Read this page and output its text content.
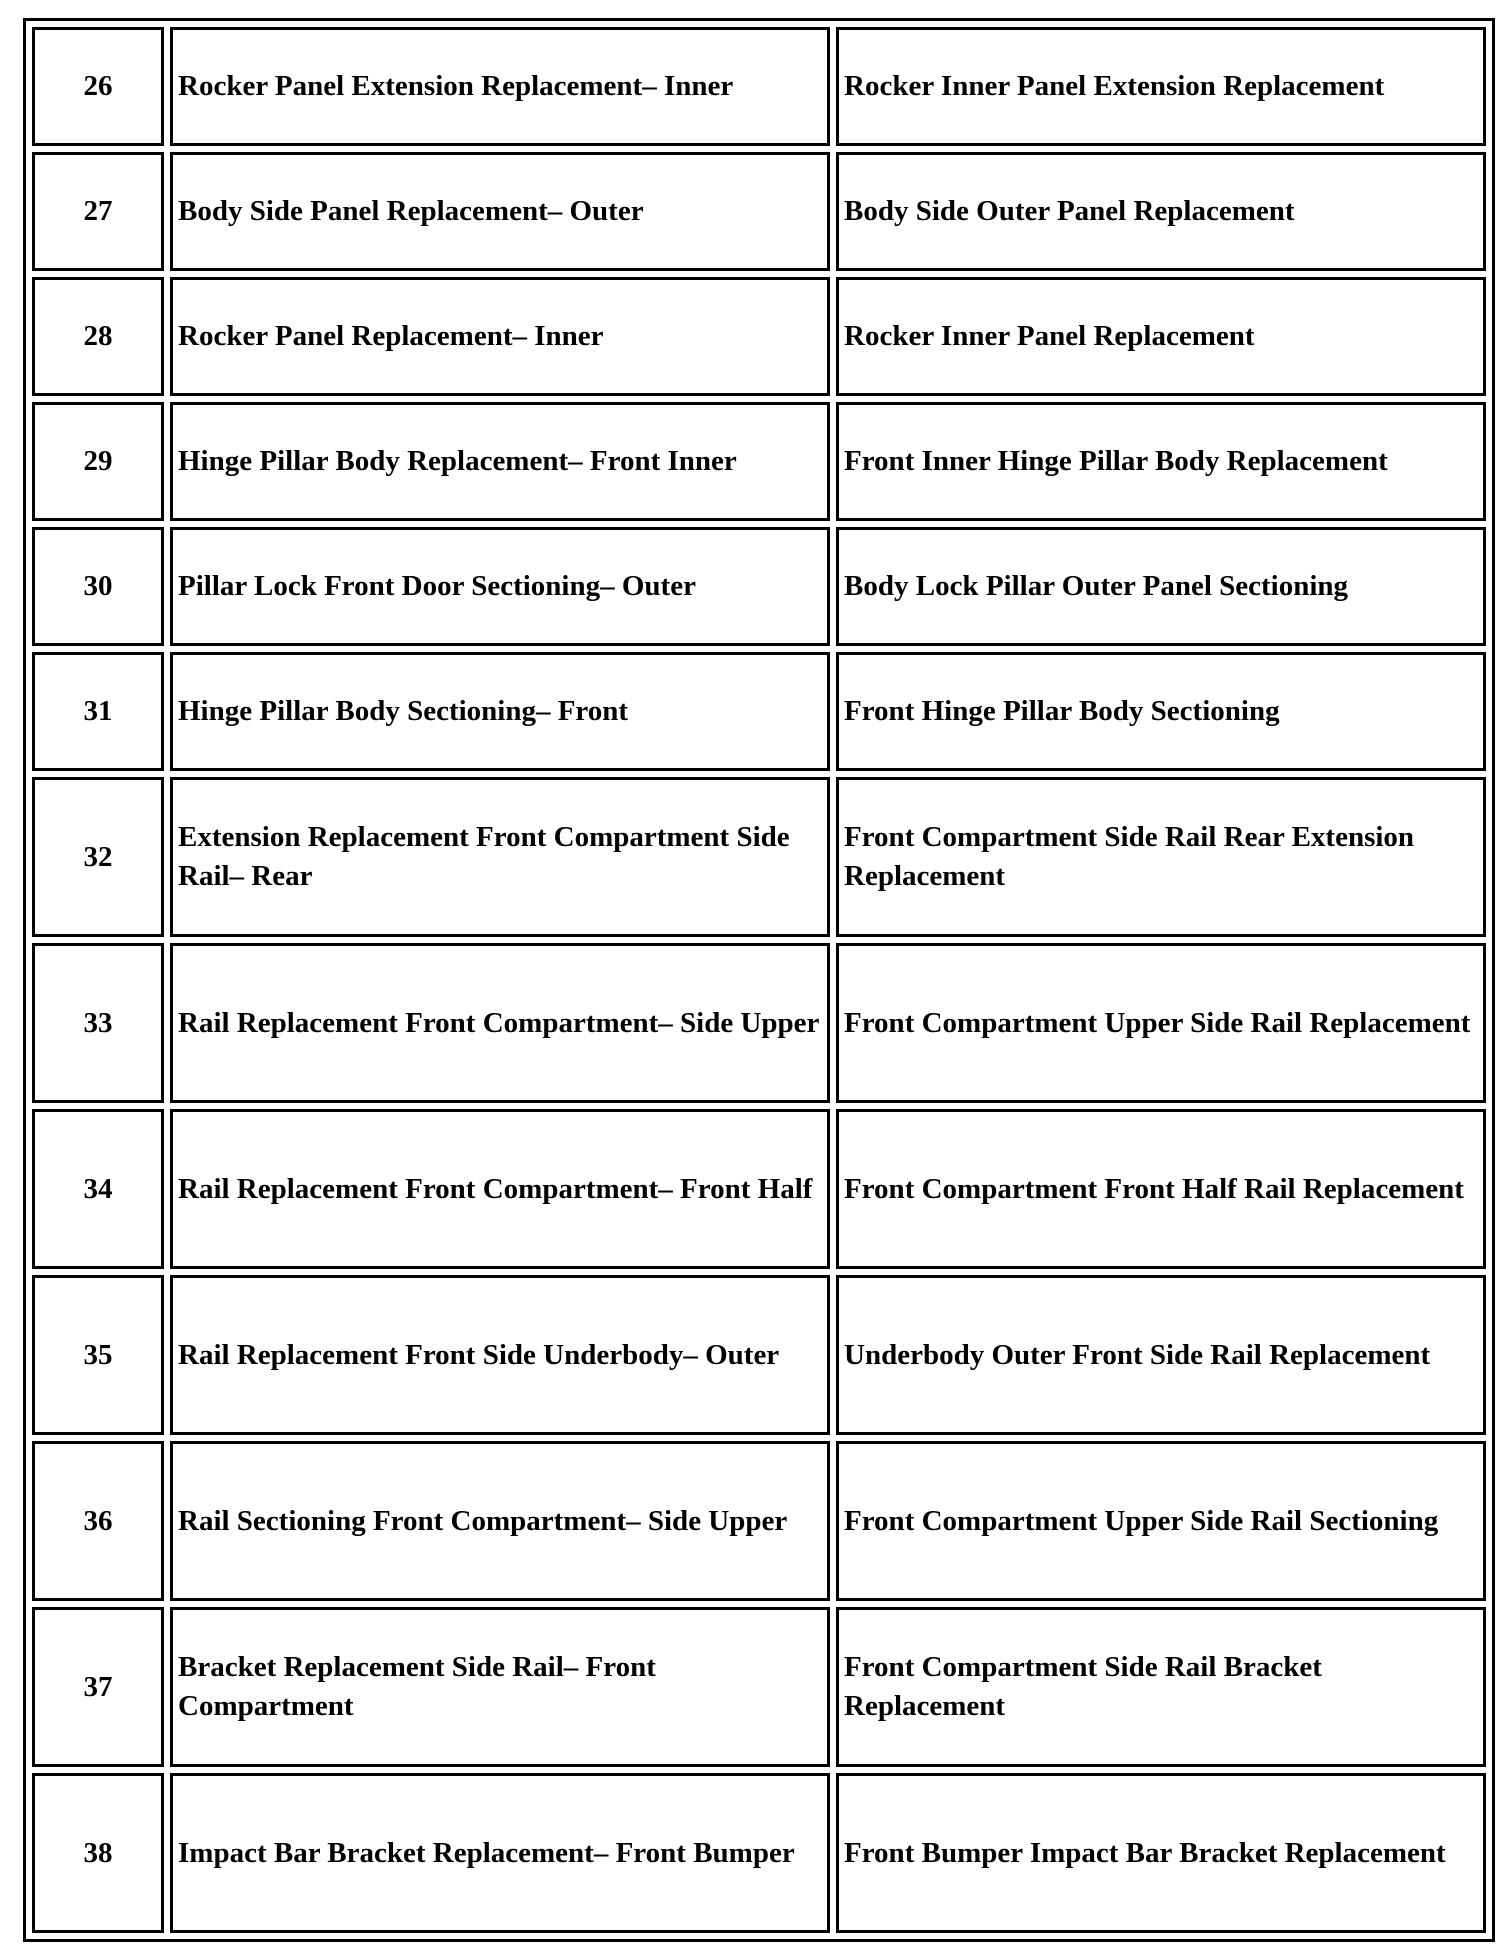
26	Rocker Panel Extension Replacement– Inner	Rocker Inner Panel Extension Replacement
27	Body Side Panel Replacement– Outer	Body Side Outer Panel Replacement
28	Rocker Panel Replacement– Inner	Rocker Inner Panel Replacement
29	Hinge Pillar Body Replacement– Front Inner	Front Inner Hinge Pillar Body Replacement
30	Pillar Lock Front Door Sectioning– Outer	Body Lock Pillar Outer Panel Sectioning
31	Hinge Pillar Body Sectioning– Front	Front Hinge Pillar Body Sectioning
32	Extension Replacement Front Compartment Side Rail– Rear	Front Compartment Side Rail Rear Extension Replacement
33	Rail Replacement Front Compartment– Side Upper	Front Compartment Upper Side Rail Replacement
34	Rail Replacement Front Compartment– Front Half	Front Compartment Front Half Rail Replacement
35	Rail Replacement Front Side Underbody– Outer	Underbody Outer Front Side Rail Replacement
36	Rail Sectioning Front Compartment– Side Upper	Front Compartment Upper Side Rail Sectioning
37	Bracket Replacement Side Rail– Front Compartment	Front Compartment Side Rail Bracket Replacement
38	Impact Bar Bracket Replacement– Front Bumper	Front Bumper Impact Bar Bracket Replacement
